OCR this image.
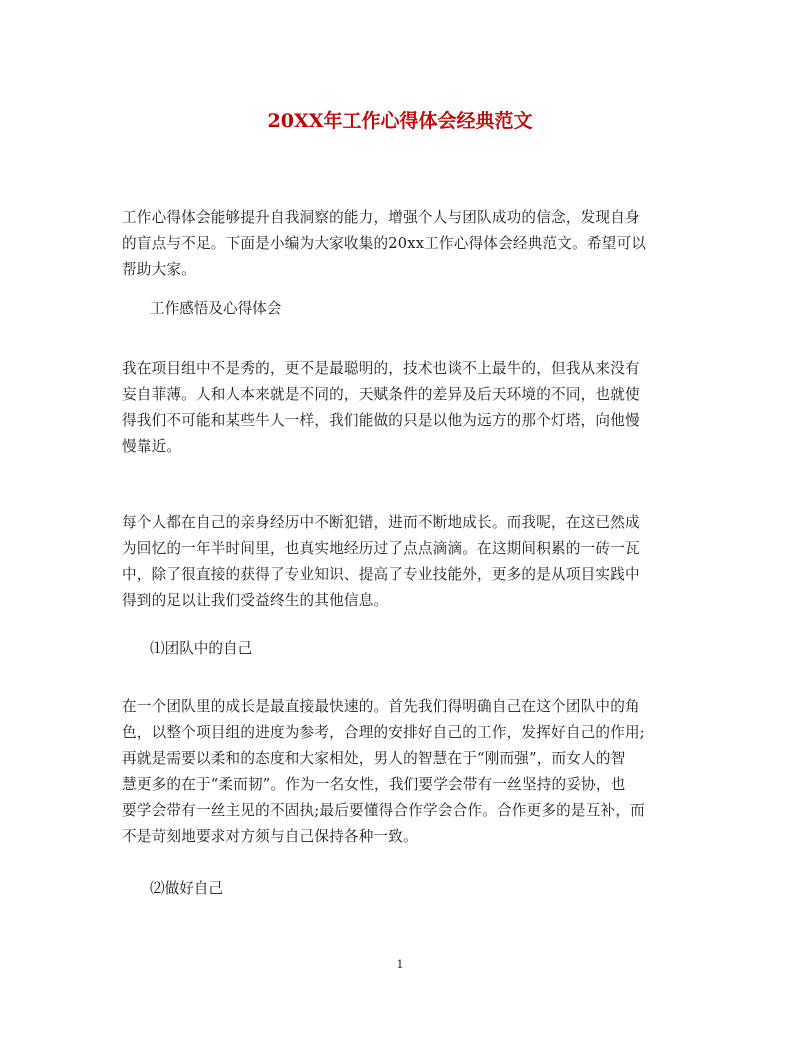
20XX年工作心得体会经典范文
工作心得体会能够提升自我洞察的能力，增强个人与团队成功的信念，发现自身
的盲点与不足。下面是小编为大家收集的20xx工作心得体会经典范文。希望可以
帮助大家。
工作感悟及心得体会
我在项目组中不是秀的，更不是最聪明的，技术也谈不上最牛的，但我从来没有
妄自菲薄。人和人本来就是不同的，天赋条件的差异及后天环境的不同，也就使
得我们不可能和某些牛人一样，我们能做的只是以他为远方的那个灯塔，向他慢
慢靠近。
每个人都在自己的亲身经历中不断犯错，进而不断地成长。而我呢，在这已然成
为回忆的一年半时间里，也真实地经历过了点点滴滴。在这期间积累的一砖一瓦
中，除了很直接的获得了专业知识、提高了专业技能外，更多的是从项目实践中
得到的足以让我们受益终生的其他信息。
⑴团队中的自己
在一个团队里的成长是最直接最快速的。首先我们得明确自己在这个团队中的角
色，以整个项目组的进度为参考，合理的安排好自己的工作，发挥好自己的作用;
再就是需要以柔和的态度和大家相处，男人的智慧在于“刚而强”，而女人的智
慧更多的在于“柔而韧”。作为一名女性，我们要学会带有一丝坚持的妥协，也
要学会带有一丝主见的不固执;最后要懂得合作学会合作。合作更多的是互补，而
不是苛刻地要求对方须与自己保持各种一致。
⑵做好自己
1
